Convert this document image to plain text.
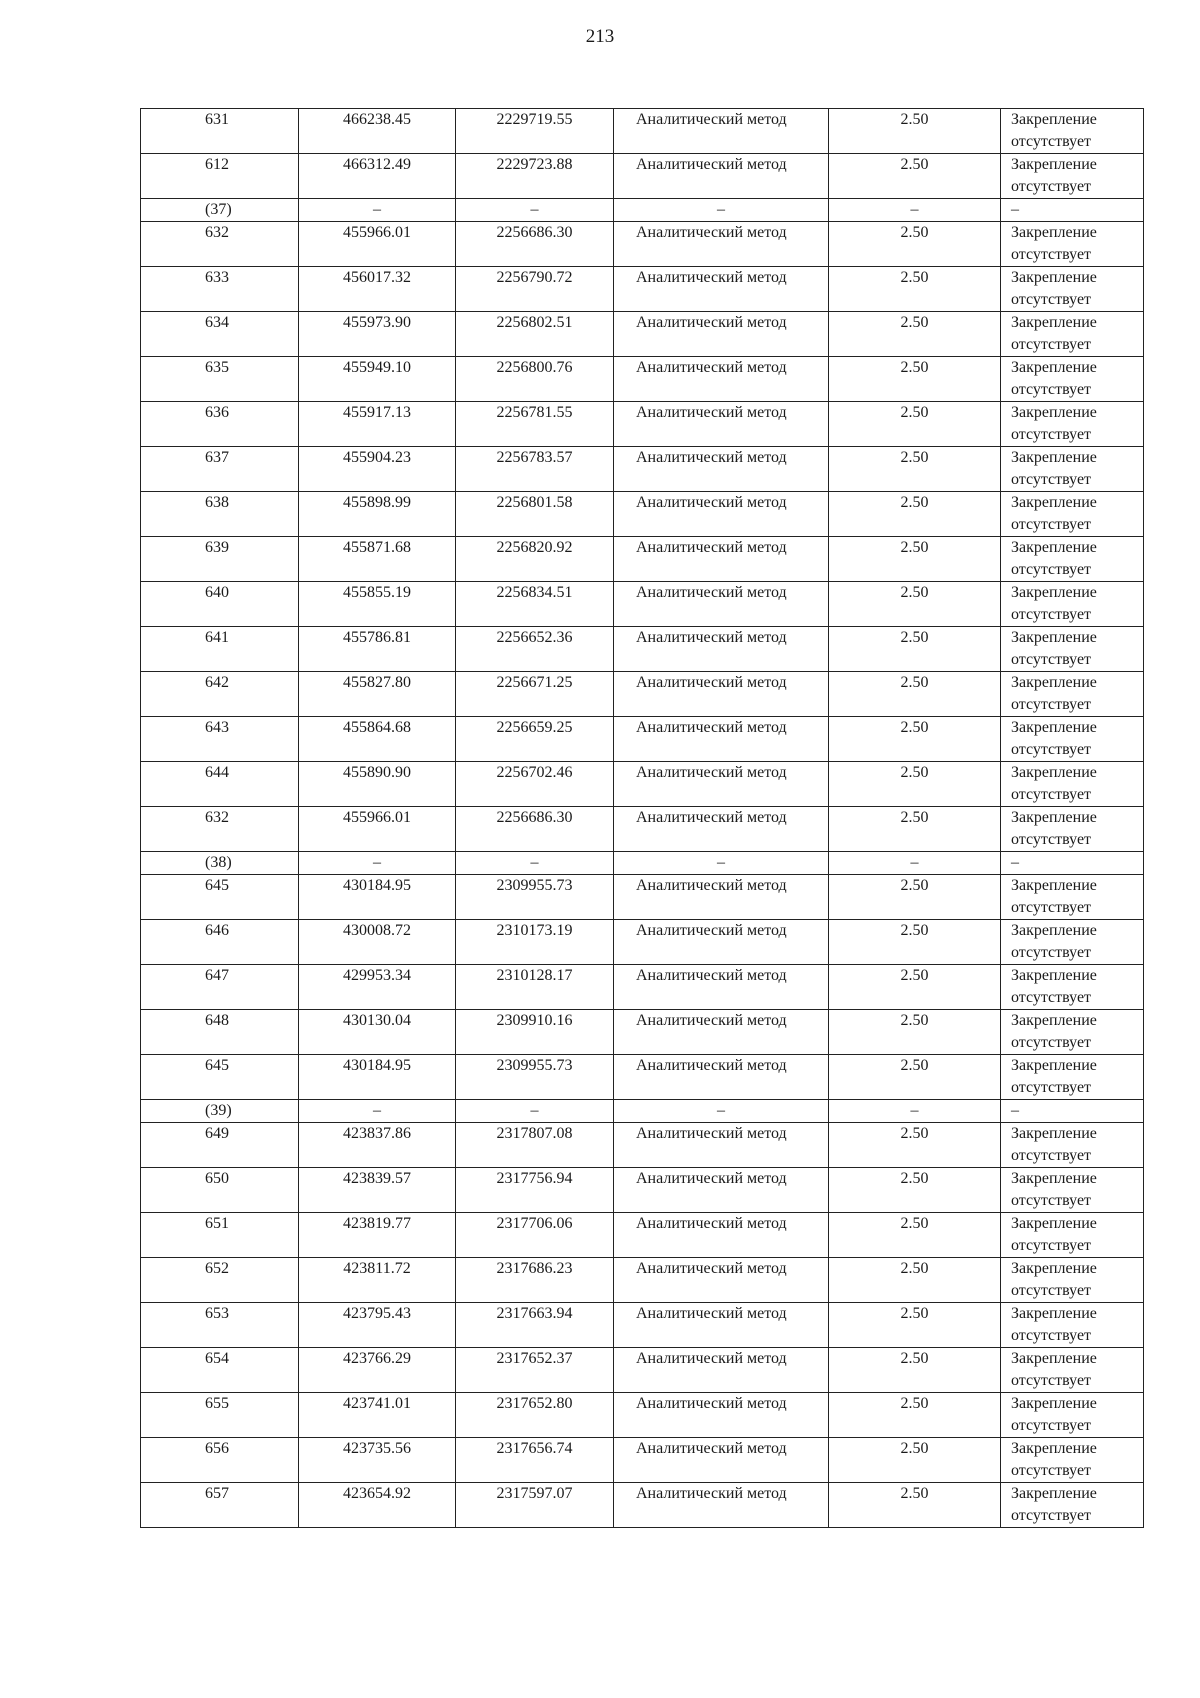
213
631	466238.45	2229719.55	Аналитический метод	2.50	Закрепление отсутствует
612	466312.49	2229723.88	Аналитический метод	2.50	Закрепление отсутствует
(37)	–	–	–	–	–
632	455966.01	2256686.30	Аналитический метод	2.50	Закрепление отсутствует
633	456017.32	2256790.72	Аналитический метод	2.50	Закрепление отсутствует
634	455973.90	2256802.51	Аналитический метод	2.50	Закрепление отсутствует
635	455949.10	2256800.76	Аналитический метод	2.50	Закрепление отсутствует
636	455917.13	2256781.55	Аналитический метод	2.50	Закрепление отсутствует
637	455904.23	2256783.57	Аналитический метод	2.50	Закрепление отсутствует
638	455898.99	2256801.58	Аналитический метод	2.50	Закрепление отсутствует
639	455871.68	2256820.92	Аналитический метод	2.50	Закрепление отсутствует
640	455855.19	2256834.51	Аналитический метод	2.50	Закрепление отсутствует
641	455786.81	2256652.36	Аналитический метод	2.50	Закрепление отсутствует
642	455827.80	2256671.25	Аналитический метод	2.50	Закрепление отсутствует
643	455864.68	2256659.25	Аналитический метод	2.50	Закрепление отсутствует
644	455890.90	2256702.46	Аналитический метод	2.50	Закрепление отсутствует
632	455966.01	2256686.30	Аналитический метод	2.50	Закрепление отсутствует
(38)	–	–	–	–	–
645	430184.95	2309955.73	Аналитический метод	2.50	Закрепление отсутствует
646	430008.72	2310173.19	Аналитический метод	2.50	Закрепление отсутствует
647	429953.34	2310128.17	Аналитический метод	2.50	Закрепление отсутствует
648	430130.04	2309910.16	Аналитический метод	2.50	Закрепление отсутствует
645	430184.95	2309955.73	Аналитический метод	2.50	Закрепление отсутствует
(39)	–	–	–	–	–
649	423837.86	2317807.08	Аналитический метод	2.50	Закрепление отсутствует
650	423839.57	2317756.94	Аналитический метод	2.50	Закрепление отсутствует
651	423819.77	2317706.06	Аналитический метод	2.50	Закрепление отсутствует
652	423811.72	2317686.23	Аналитический метод	2.50	Закрепление отсутствует
653	423795.43	2317663.94	Аналитический метод	2.50	Закрепление отсутствует
654	423766.29	2317652.37	Аналитический метод	2.50	Закрепление отсутствует
655	423741.01	2317652.80	Аналитический метод	2.50	Закрепление отсутствует
656	423735.56	2317656.74	Аналитический метод	2.50	Закрепление отсутствует
657	423654.92	2317597.07	Аналитический метод	2.50	Закрепление отсутствует
